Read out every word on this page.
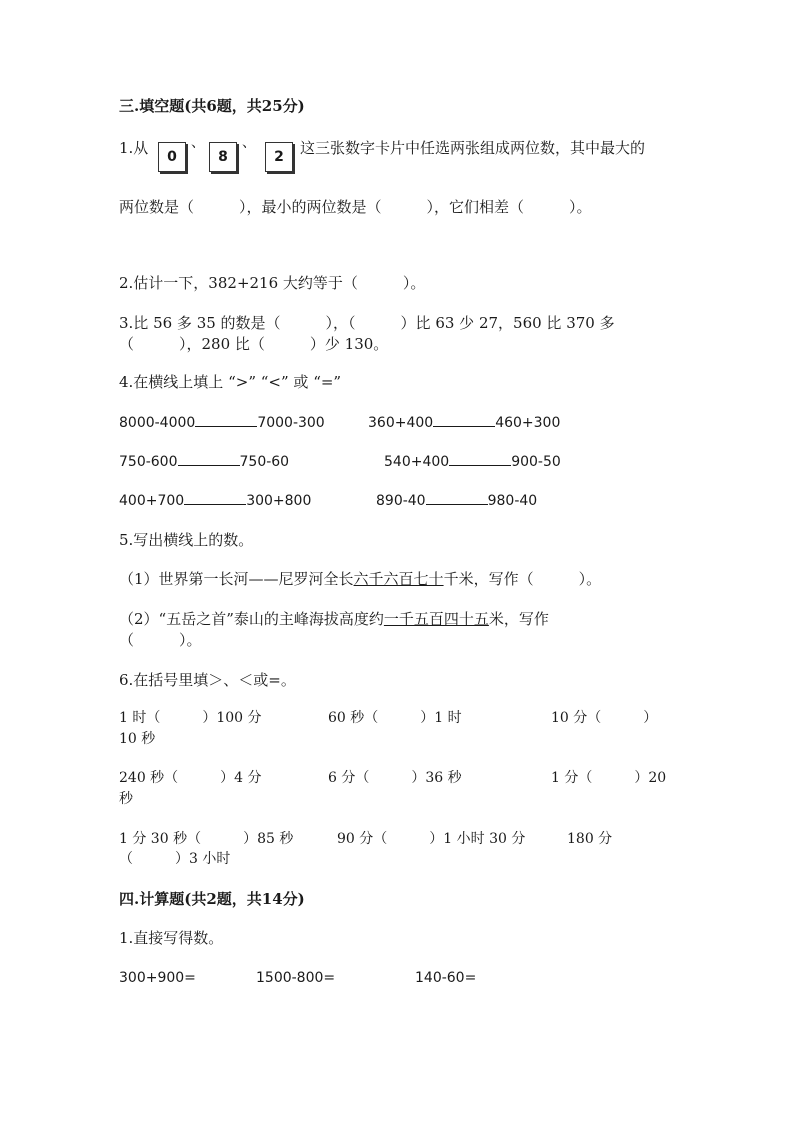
三.填空题(共6题，共25分)
1.从	0
、
8
、
2	这三张数字卡片中任选两张组成两位数，其中最大的
两位数是（　　　），最小的两位数是（　　　），它们相差（　　　）。
2.估计一下，382+216 大约等于（　　　）。
3.比 56 多 35 的数是（　　　），（　　　）比 63 少 27，560 比 370 多
（　　　），280 比（　　　）少 130。
4.在横线上填上 “>” “<” 或 “=”
8000-4000	7000-300	360+400	460+300
750-600	750-60	540+400	900-50
400+700	300+800	890-40	980-40
5.写出横线上的数。
（1）世界第一长河——尼罗河全长六千六百七十千米，写作（　　　）。
（2）“五岳之首”泰山的主峰海拔高度约一千五百四十五米，写作
（　　　）。
6.在括号里填＞、＜或=。
1 时（　　　）100 分	60 秒（　　　）1 时	10 分（　　　）
10 秒
240 秒（　　　）4 分	6 分（　　　）36 秒	1 分（　　　）20
秒
1 分 30 秒（　　　）85 秒	90 分（　　　）1 小时 30 分	180 分
（　　　）3 小时
四.计算题(共2题，共14分)
1.直接写得数。
300+900=	1500-800=	140-60=
